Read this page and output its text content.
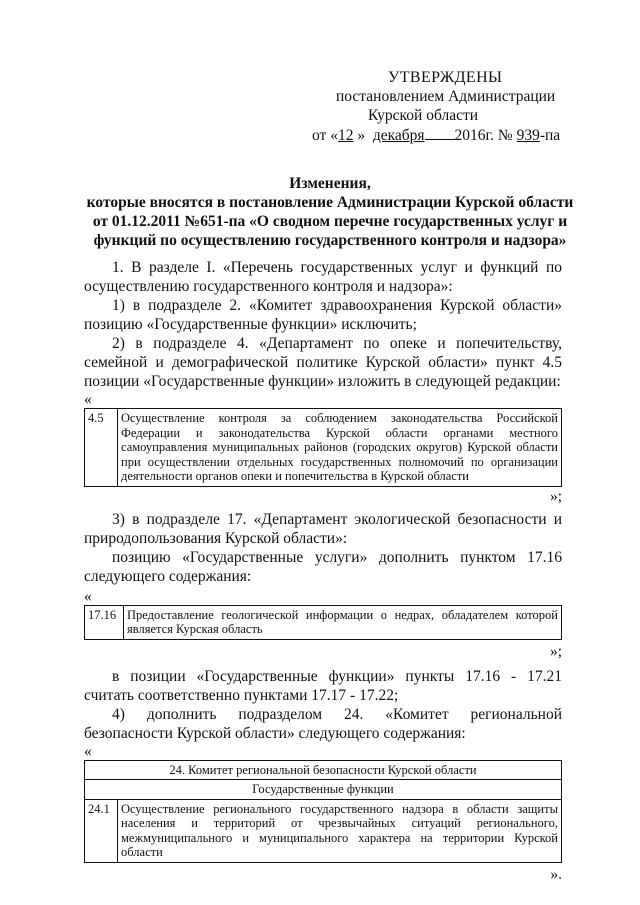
УТВЕРЖДЕНЫ
постановлением Администрации
Курской области
от «12 » декабря 2016г. № 939-па
Изменения,
которые вносятся в постановление Администрации Курской области
от 01.12.2011 №651-па «О сводном перечне государственных услуг и
функций по осуществлению государственного контроля и надзора»

1. В разделе I. «Перечень государственных услуг и функций по осуществлению государственного контроля и надзора»:

1) в подразделе 2. «Комитет здравоохранения Курской области» позицию «Государственные функции» исключить;

2) в подразделе 4. «Департамент по опеке и попечительству, семейной и демографической политике Курской области» пункт 4.5 позиции «Государственные функции» изложить в следующей редакции:

«
4.5	Осуществление контроля за соблюдением законодательства Российской Федерации и законодательства Курской области органами местного самоуправления муниципальных районов (городских округов) Курской области при осуществлении отдельных государственных полномочий по организации деятельности органов опеки и попечительства в Курской области
»;

3) в подразделе 17. «Департамент экологической безопасности и природопользования Курской области»:

позицию «Государственные услуги» дополнить пунктом 17.16 следующего содержания:

«
17.16	Предоставление геологической информации о недрах, обладателем которой является Курская область
»;

в позиции «Государственные функции» пункты 17.16 - 17.21 считать соответственно пунктами 17.17 - 17.22;

4) дополнить подразделом 24. «Комитет региональной безопасности Курской области» следующего содержания:

«
24. Комитет региональной безопасности Курской области
Государственные функции
24.1	Осуществление регионального государственного надзора в области защиты населения и территорий от чрезвычайных ситуаций регионального, межмуниципального и муниципального характера на территории Курской области
».
